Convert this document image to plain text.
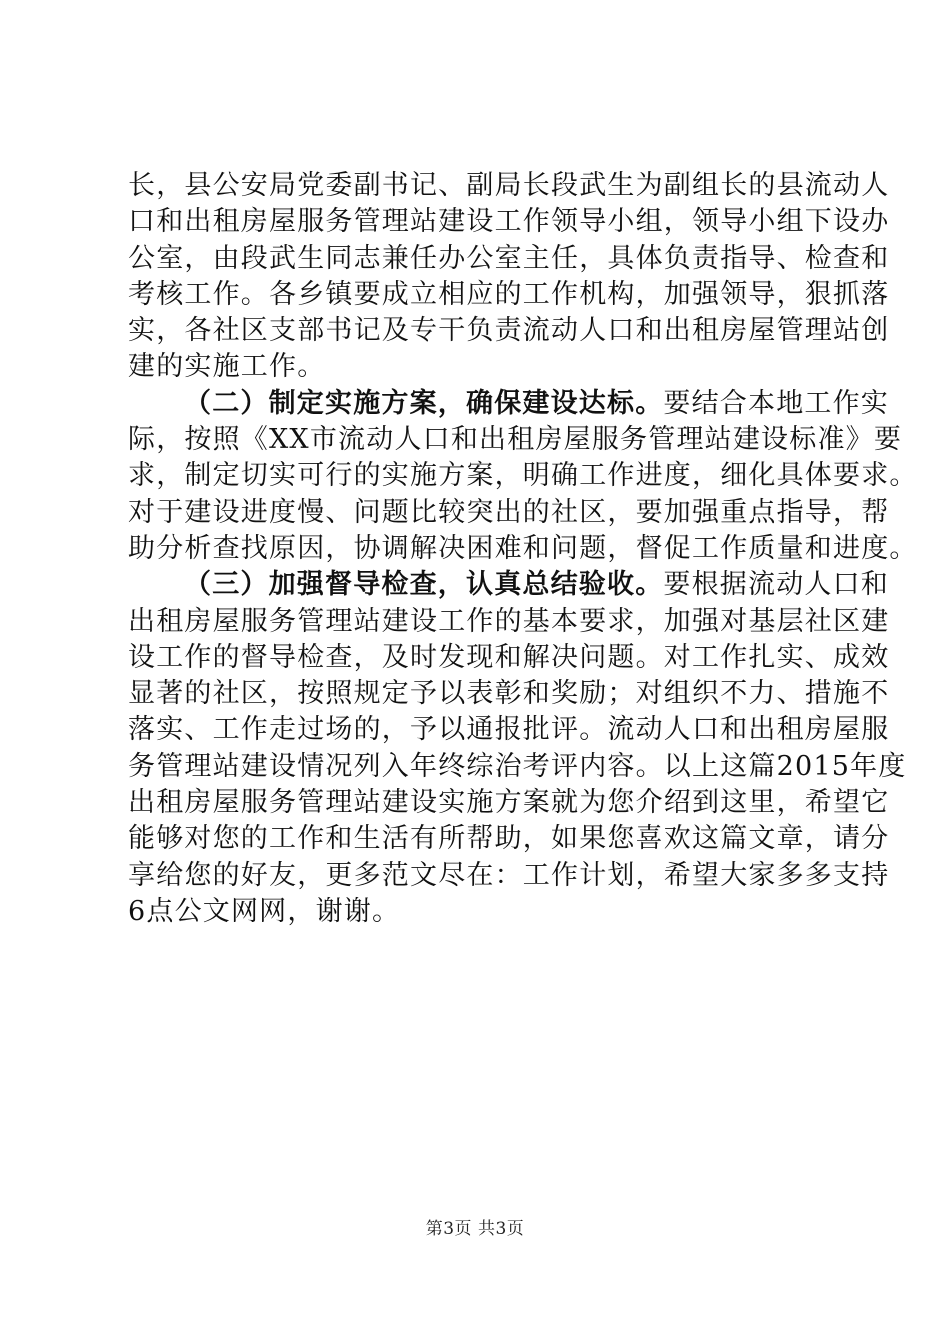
长，县公安局党委副书记、副局长段武生为副组长的县流动人
口和出租房屋服务管理站建设工作领导小组，领导小组下设办
公室，由段武生同志兼任办公室主任，具体负责指导、检查和
考核工作。各乡镇要成立相应的工作机构，加强领导，狠抓落
实，各社区支部书记及专干负责流动人口和出租房屋管理站创
建的实施工作。
（二）制定实施方案，确保建设达标。要结合本地工作实
际，按照《XX市流动人口和出租房屋服务管理站建设标准》要
求，制定切实可行的实施方案，明确工作进度，细化具体要求。
对于建设进度慢、问题比较突出的社区，要加强重点指导，帮
助分析查找原因，协调解决困难和问题，督促工作质量和进度。
（三）加强督导检查，认真总结验收。要根据流动人口和
出租房屋服务管理站建设工作的基本要求，加强对基层社区建
设工作的督导检查，及时发现和解决问题。对工作扎实、成效
显著的社区，按照规定予以表彰和奖励；对组织不力、措施不
落实、工作走过场的，予以通报批评。流动人口和出租房屋服
务管理站建设情况列入年终综治考评内容。以上这篇2015年度
出租房屋服务管理站建设实施方案就为您介绍到这里，希望它
能够对您的工作和生活有所帮助，如果您喜欢这篇文章，请分
享给您的好友，更多范文尽在：工作计划，希望大家多多支持
6点公文网网，谢谢。
第3页 共3页
